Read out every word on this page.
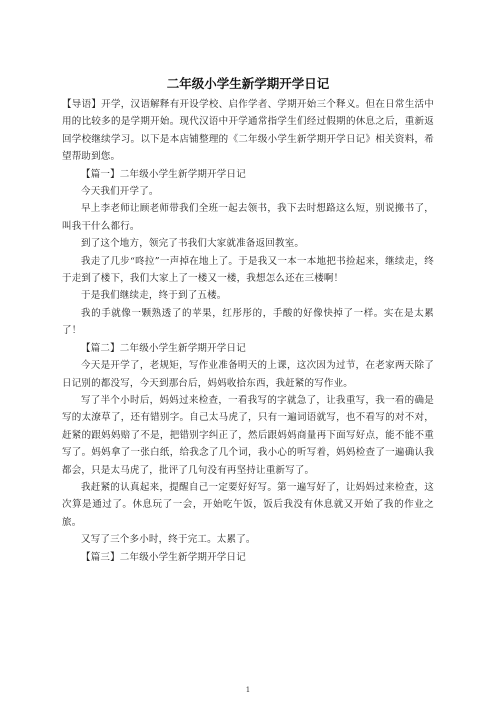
二年级小学生新学期开学日记

【导语】开学，汉语解释有开设学校、启作学者、学期开始三个释义。但在日常生活中用的比较多的是学期开始。现代汉语中开学通常指学生们经过假期的休息之后，重新返回学校继续学习。以下是本店铺整理的《二年级小学生新学期开学日记》相关资料，希望帮助到您。

【篇一】二年级小学生新学期开学日记

今天我们开学了。

早上李老师让顾老师带我们全班一起去领书，我下去时想路这么短，别说搬书了，叫我干什么都行。

到了这个地方，领完了书我们大家就准备返回教室。

我走了几步“咚拉”一声掉在地上了。于是我又一本一本地把书捡起来，继续走，终于走到了楼下，我们大家上了一楼又一楼，我想怎么还在三楼啊！

于是我们继续走，终于到了五楼。

我的手就像一颗熟透了的苹果，红彤彤的，手酸的好像快掉了一样。实在是太累了！

【篇二】二年级小学生新学期开学日记

今天是开学了，老规矩，写作业准备明天的上课，这次因为过节，在老家两天除了日记别的都没写，今天到那台后，妈妈收拾东西，我赶紧的写作业。

写了半个小时后，妈妈过来检查，一看我写的字就急了，让我重写，我一看的确是写的太潦草了，还有错别字。自己太马虎了，只有一遍词语就写，也不看写的对不对，赶紧的跟妈妈赔了不是，把错别字纠正了，然后跟妈妈商量再下面写好点，能不能不重写了。妈妈拿了一张白纸，给我念了几个词，我小心的听写着，妈妈检查了一遍确认我都会，只是太马虎了，批评了几句没有再坚持让重新写了。

我赶紧的认真起来，提醒自己一定要好好写。第一遍写好了，让妈妈过来检查，这次算是通过了。休息玩了一会，开始吃午饭，饭后我没有休息就又开始了我的作业之旅。

又写了三个多小时，终于完工。太累了。

【篇三】二年级小学生新学期开学日记

1
